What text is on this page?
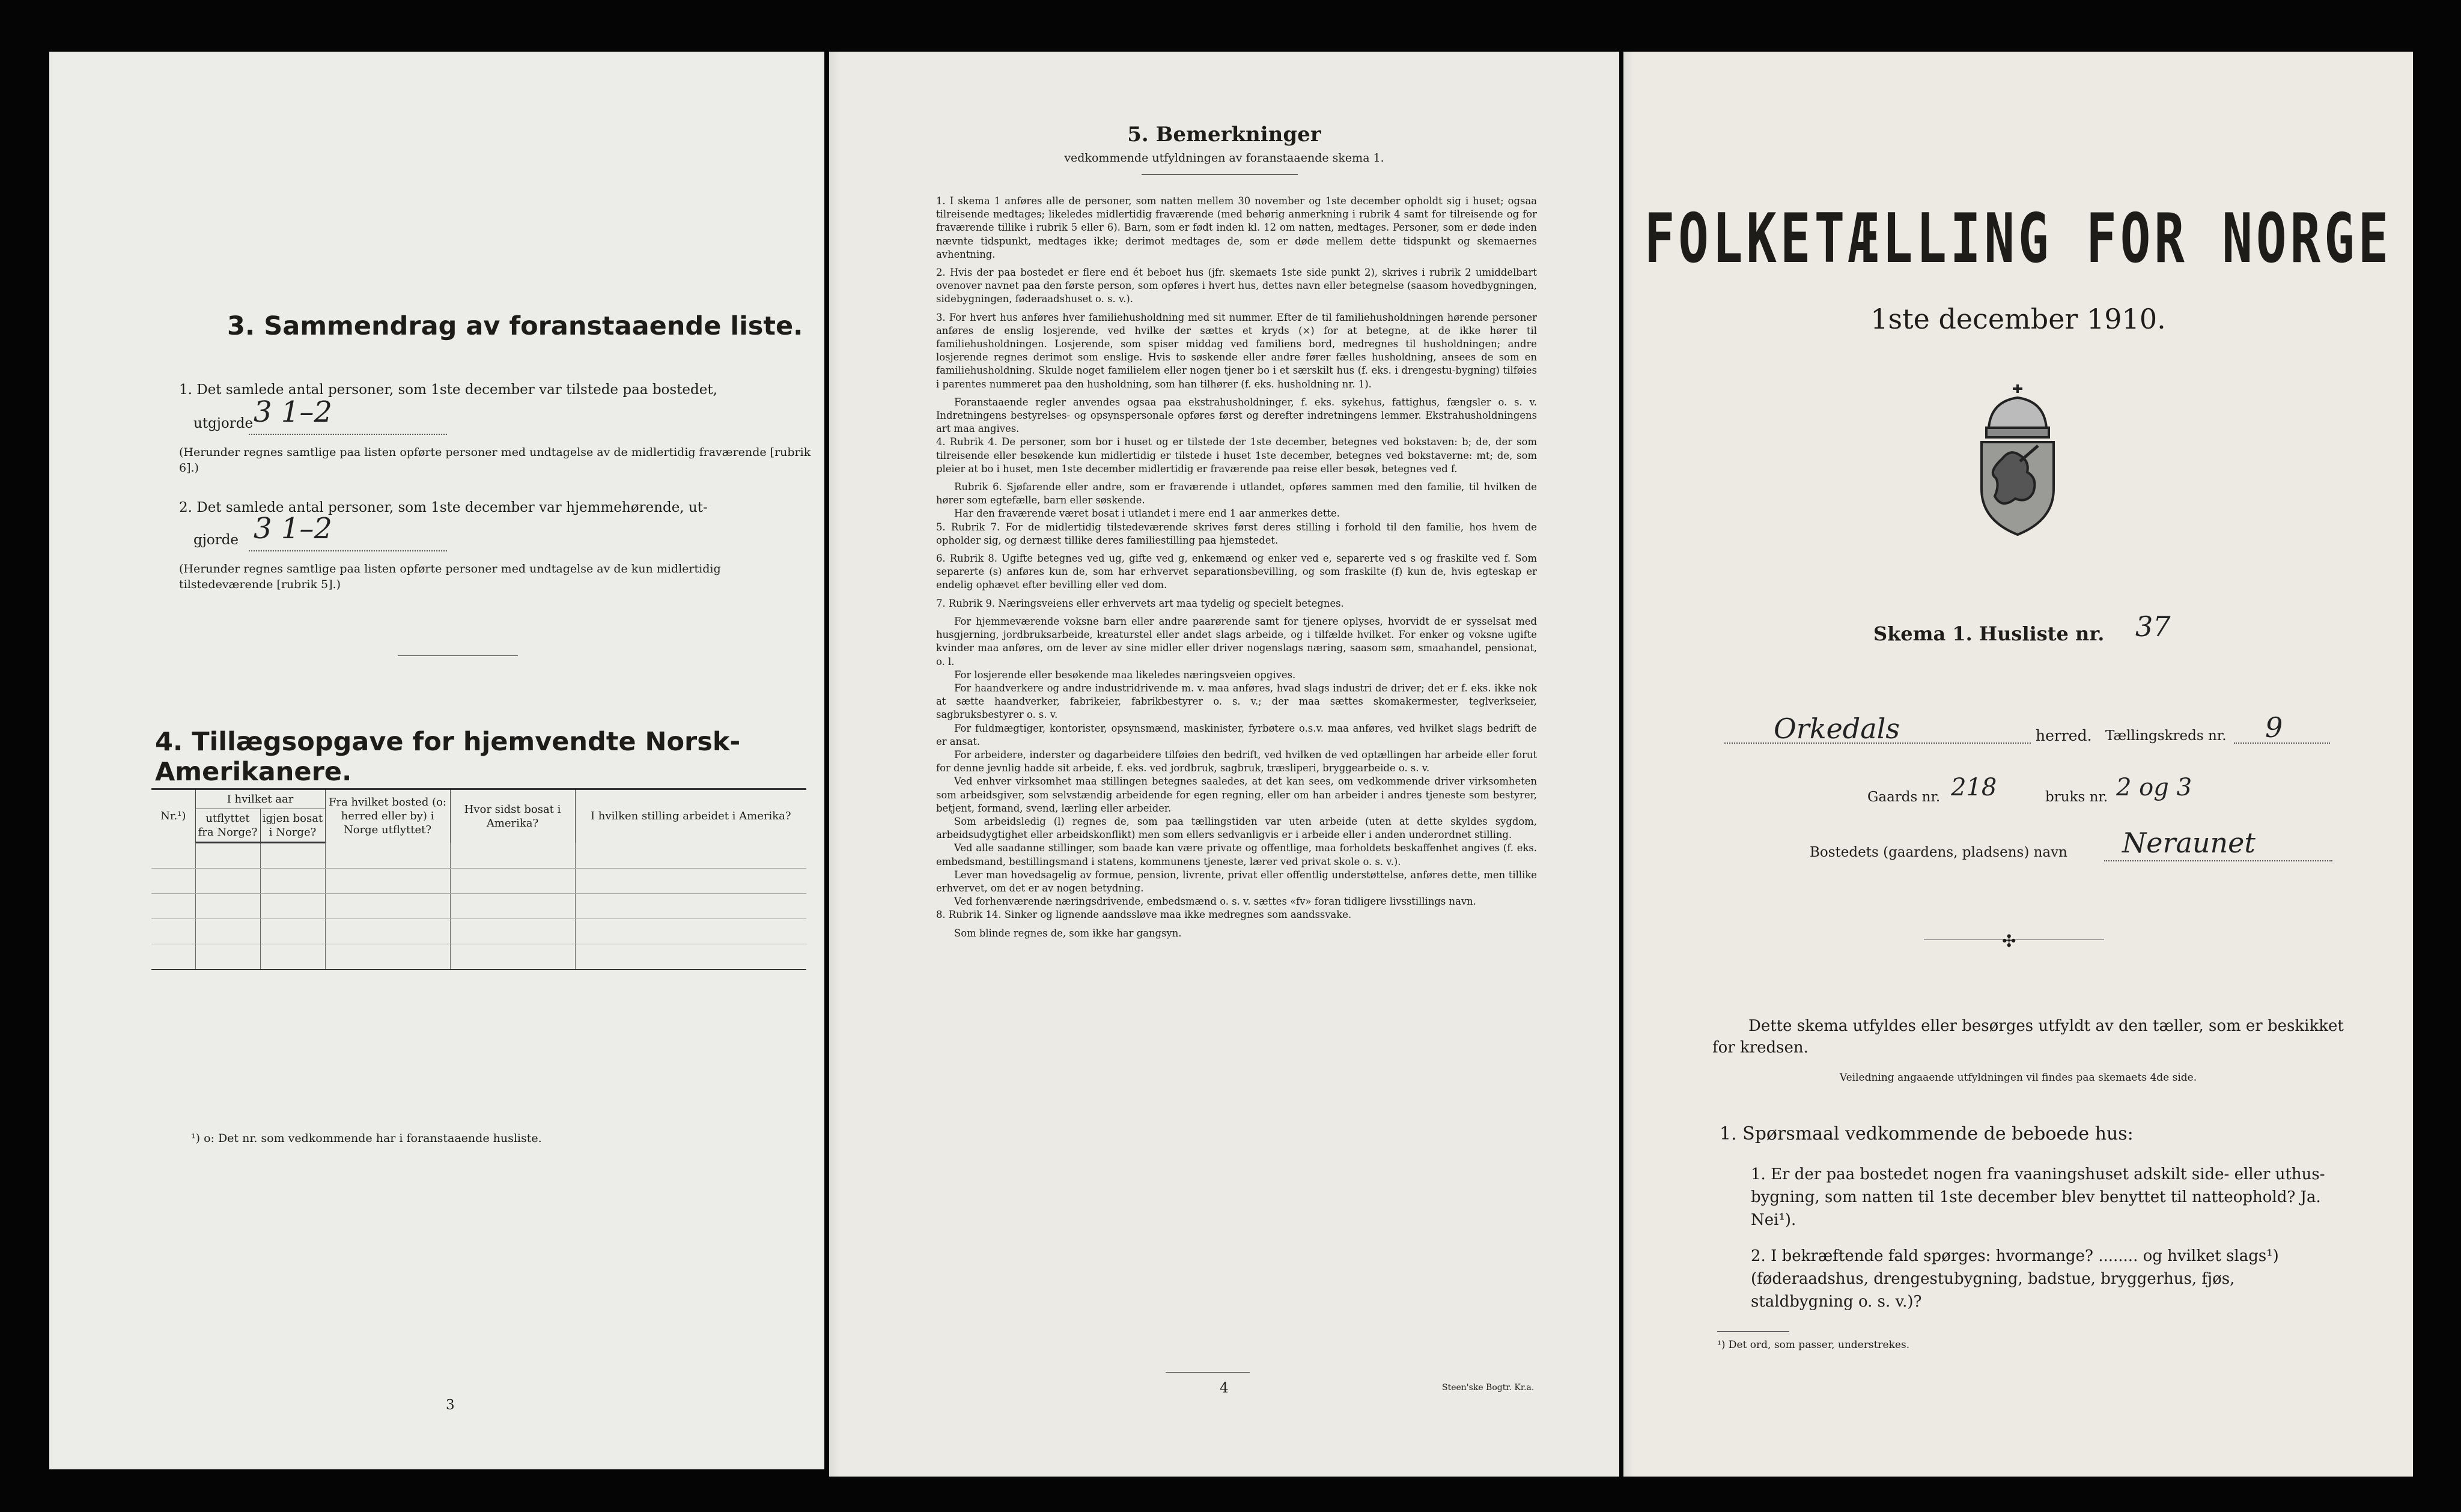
3. Sammendrag av foranstaaende liste.
1. Det samlede antal personer, som 1ste december var tilstede paa bostedet,
utgjorde 3 1–2
(Herunder regnes samtlige paa listen opførte personer med undtagelse av de midlertidig fraværende [rubrik 6].)
2. Det samlede antal personer, som 1ste december var hjemmehørende, ut-
gjorde 3 1–2
(Herunder regnes samtlige paa listen opførte personer med undtagelse av de kun midlertidig tilstedeværende [rubrik 5].)
4. Tillægsopgave for hjemvendte Norsk-Amerikanere.
Nr.¹)	I hvilket aar		Fra hvilket bosted (o: herred eller by) i Norge utflyttet?	Hvor sidst bosat i Amerika?	I hvilken stilling arbeidet i Amerika?
	utflyttet fra Norge?	igjen bosat i Norge?			

¹) o: Det nr. som vedkommende har i foranstaaende husliste.
3
5. Bemerkninger
vedkommende utfyldningen av foranstaaende skema 1.

1. I skema 1 anføres alle de personer, som natten mellem 30 november og 1ste december opholdt sig i huset; ogsaa tilreisende medtages; likeledes midlertidig fraværende (med behørig anmerkning i rubrik 4 samt for tilreisende og for fraværende tillike i rubrik 5 eller 6). Barn, som er født inden kl. 12 om natten, medtages. Personer, som er døde inden nævnte tidspunkt, medtages ikke; derimot medtages de, som er døde mellem dette tidspunkt og skemaernes avhentning.

2. Hvis der paa bostedet er flere end ét beboet hus (jfr. skemaets 1ste side punkt 2), skrives i rubrik 2 umiddelbart ovenover navnet paa den første person, som opføres i hvert hus, dettes navn eller betegnelse (saasom hovedbygningen, sidebygningen, føderaadshuset o. s. v.).

3. For hvert hus anføres hver familiehusholdning med sit nummer. Efter de til familiehusholdningen hørende personer anføres de enslig losjerende, ved hvilke der sættes et kryds (×) for at betegne, at de ikke hører til familiehusholdningen. Losjerende, som spiser middag ved familiens bord, medregnes til husholdningen; andre losjerende regnes derimot som enslige. Hvis to søskende eller andre fører fælles husholdning, ansees de som en familiehusholdning. Skulde noget familielem eller nogen tjener bo i et særskilt hus (f. eks. i drengestu-bygning) tilføies i parentes nummeret paa den husholdning, som han tilhører (f. eks. husholdning nr. 1).

Foranstaaende regler anvendes ogsaa paa ekstrahusholdninger, f. eks. sykehus, fattighus, fængsler o. s. v. Indretningens bestyrelses- og opsynspersonale opføres først og derefter indretningens lemmer. Ekstrahusholdningens art maa angives.

4. Rubrik 4. De personer, som bor i huset og er tilstede der 1ste december, betegnes ved bokstaven: b; de, der som tilreisende eller besøkende kun midlertidig er tilstede i huset 1ste december, betegnes ved bokstaverne: mt; de, som pleier at bo i huset, men 1ste december midlertidig er fraværende paa reise eller besøk, betegnes ved f.

Rubrik 6. Sjøfarende eller andre, som er fraværende i utlandet, opføres sammen med den familie, til hvilken de hører som egtefælle, barn eller søskende.

Har den fraværende været bosat i utlandet i mere end 1 aar anmerkes dette.

5. Rubrik 7. For de midlertidig tilstedeværende skrives først deres stilling i forhold til den familie, hos hvem de opholder sig, og dernæst tillike deres familiestilling paa hjemstedet.

6. Rubrik 8. Ugifte betegnes ved ug, gifte ved g, enkemænd og enker ved e, separerte ved s og fraskilte ved f. Som separerte (s) anføres kun de, som har erhvervet separationsbevilling, og som fraskilte (f) kun de, hvis egteskap er endelig ophævet efter bevilling eller ved dom.

7. Rubrik 9. Næringsveiens eller erhvervets art maa tydelig og specielt betegnes.

For hjemmeværende voksne barn eller andre paarørende samt for tjenere oplyses, hvorvidt de er sysselsat med husgjerning, jordbruksarbeide, kreaturstel eller andet slags arbeide, og i tilfælde hvilket. For enker og voksne ugifte kvinder maa anføres, om de lever av sine midler eller driver nogenslags næring, saasom søm, smaahandel, pensionat, o. l.

For losjerende eller besøkende maa likeledes næringsveien opgives.

For haandverkere og andre industridrivende m. v. maa anføres, hvad slags industri de driver; det er f. eks. ikke nok at sætte haandverker, fabrikeier, fabrikbestyrer o. s. v.; der maa sættes skomakermester, teglverkseier, sagbruksbestyrer o. s. v.

For fuldmægtiger, kontorister, opsynsmænd, maskinister, fyrbøtere o.s.v. maa anføres, ved hvilket slags bedrift de er ansat.

For arbeidere, inderster og dagarbeidere tilføies den bedrift, ved hvilken de ved optællingen har arbeide eller forut for denne jevnlig hadde sit arbeide, f. eks. ved jordbruk, sagbruk, træsliperi, bryggearbeide o. s. v.

Ved enhver virksomhet maa stillingen betegnes saaledes, at det kan sees, om vedkommende driver virksomheten som arbeidsgiver, som selvstændig arbeidende for egen regning, eller om han arbeider i andres tjeneste som bestyrer, betjent, formand, svend, lærling eller arbeider.

Som arbeidsledig (l) regnes de, som paa tællingstiden var uten arbeide (uten at dette skyldes sygdom, arbeidsudygtighet eller arbeidskonflikt) men som ellers sedvanligvis er i arbeide eller i anden underordnet stilling.

Ved alle saadanne stillinger, som baade kan være private og offentlige, maa forholdets beskaffenhet angives (f. eks. embedsmand, bestillingsmand i statens, kommunens tjeneste, lærer ved privat skole o. s. v.).

Lever man hovedsagelig av formue, pension, livrente, privat eller offentlig understøttelse, anføres dette, men tillike erhvervet, om det er av nogen betydning.

Ved forhenværende næringsdrivende, embedsmænd o. s. v. sættes «fv» foran tidligere livsstillings navn.

8. Rubrik 14. Sinker og lignende aandssløve maa ikke medregnes som aandssvake.

Som blinde regnes de, som ikke har gangsyn.

4	Steen'ske Bogtr. Kr.a.
FOLKETÆLLING FOR NORGE
1ste december 1910.
Skema 1. Husliste nr. 37
Orkedals	herred. Tællingskreds nr. 9
Gaards nr. 218	bruks nr. 2 og 3
Bostedets (gaardens, pladsens) navn Neraunet
✣
Dette skema utfyldes eller besørges utfyldt av den tæller, som er beskikket for kredsen.
Veiledning angaaende utfyldningen vil findes paa skemaets 4de side.
1. Spørsmaal vedkommende de beboede hus:
1. Er der paa bostedet nogen fra vaaningshuset adskilt side- eller uthus-bygning, som natten til 1ste december blev benyttet til natteophold? Ja. Nei¹).
2. I bekræftende fald spørges: hvormange? ........ og hvilket slags¹) (føderaadshus, drengestubygning, badstue, bryggerhus, fjøs, staldbygning o. s. v.)?
¹) Det ord, som passer, understrekes.
